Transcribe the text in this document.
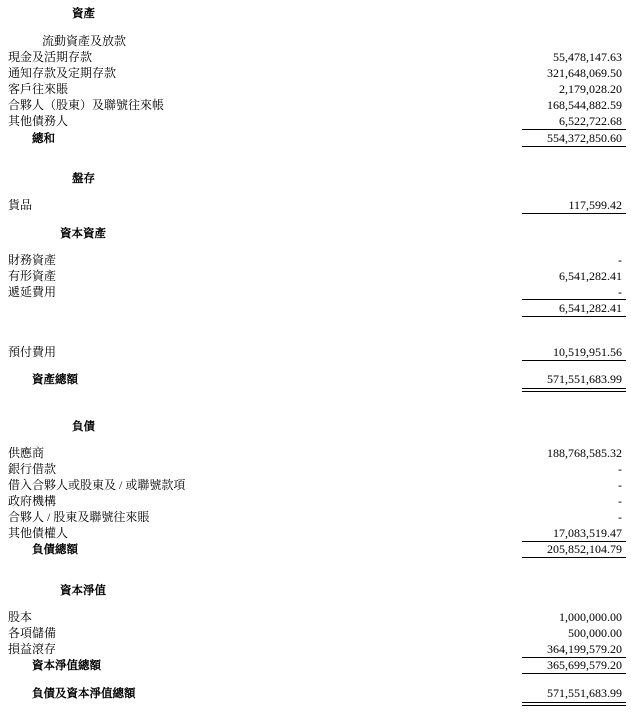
資產
流動資產及放款
現金及活期存款	55,478,147.63
通知存款及定期存款	321,648,069.50
客戶往來賬	2,179,028.20
合夥人（股東）及聯號往來帳	168,544,882.59
其他債務人	6,522,722.68
總和	554,372,850.60
盤存
貨品	117,599.42
資本資產
財務資產	-
有形資產	6,541,282.41
遞延費用	-
6,541,282.41
預付費用	10,519,951.56
資產總額	571,551,683.99
負債
供應商	188,768,585.32
銀行借款	-
借入合夥人或股東及 / 或聯號款項	-
政府機構	-
合夥人 / 股東及聯號往來賬	-
其他債權人	17,083,519.47
負債總額	205,852,104.79
資本淨值
股本	1,000,000.00
各項儲備	500,000.00
損益滾存	364,199,579.20
資本淨值總額	365,699,579.20
負債及資本淨值總額	571,551,683.99
